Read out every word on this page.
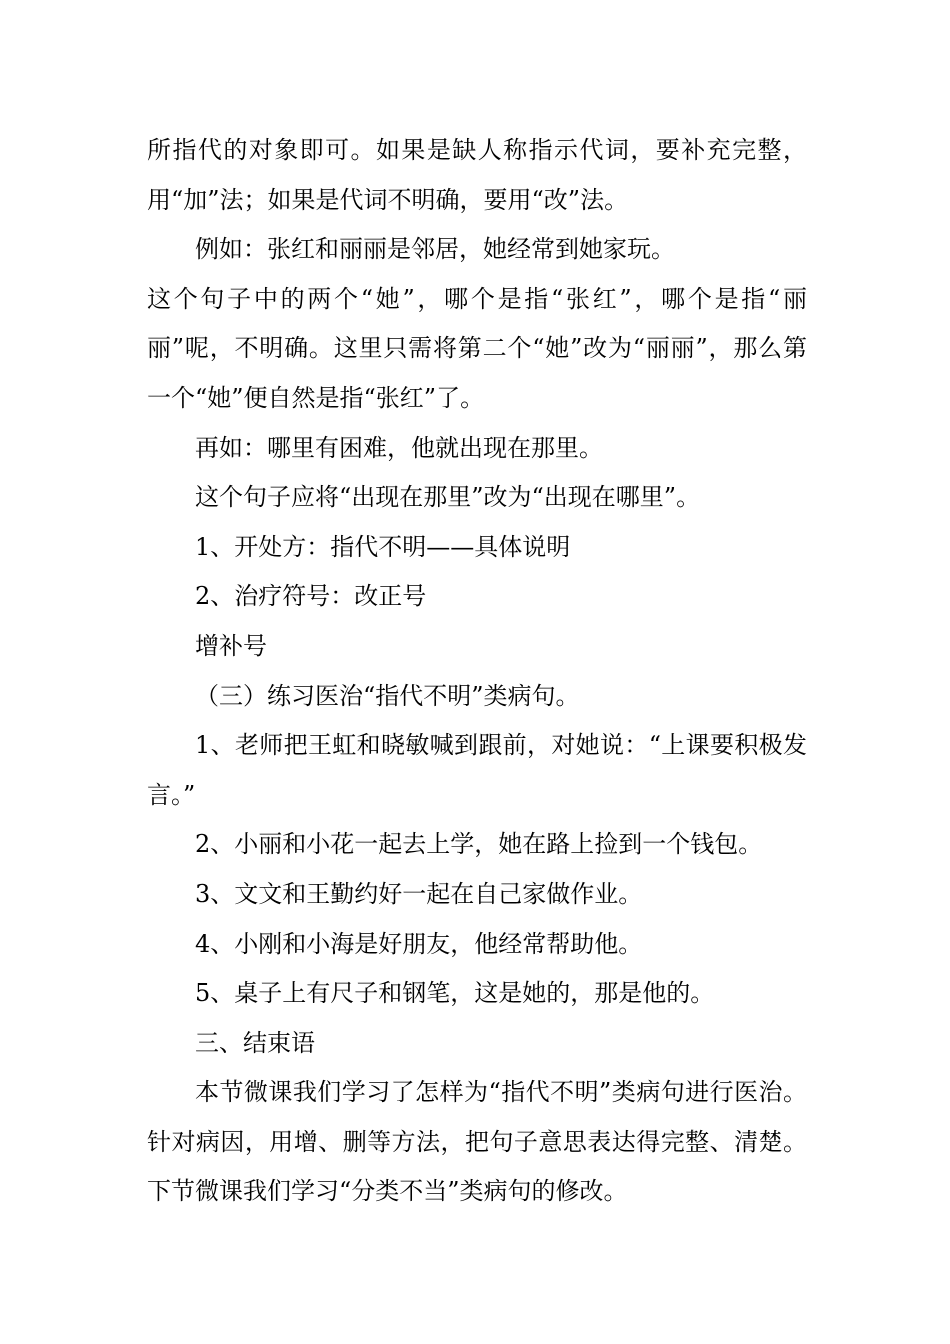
所指代的对象即可。如果是缺人称指示代词，要补充完整，用“加”法；如果是代词不明确，要用“改”法。

例如：张红和丽丽是邻居，她经常到她家玩。

这个句子中的两个“她”，哪个是指“张红”，哪个是指“丽丽”呢，不明确。这里只需将第二个“她”改为“丽丽”，那么第一个“她”便自然是指“张红”了。

再如：哪里有困难，他就出现在那里。

这个句子应将“出现在那里”改为“出现在哪里”。

1、开处方：指代不明——具体说明

2、治疗符号：改正号

增补号

（三）练习医治“指代不明”类病句。

1、老师把王虹和晓敏喊到跟前，对她说：“上课要积极发言。”

2、小丽和小花一起去上学，她在路上捡到一个钱包。

3、文文和王勤约好一起在自己家做作业。

4、小刚和小海是好朋友，他经常帮助他。

5、桌子上有尺子和钢笔，这是她的，那是他的。

三、结束语

本节微课我们学习了怎样为“指代不明”类病句进行医治。针对病因，用增、删等方法，把句子意思表达得完整、清楚。下节微课我们学习“分类不当”类病句的修改。
